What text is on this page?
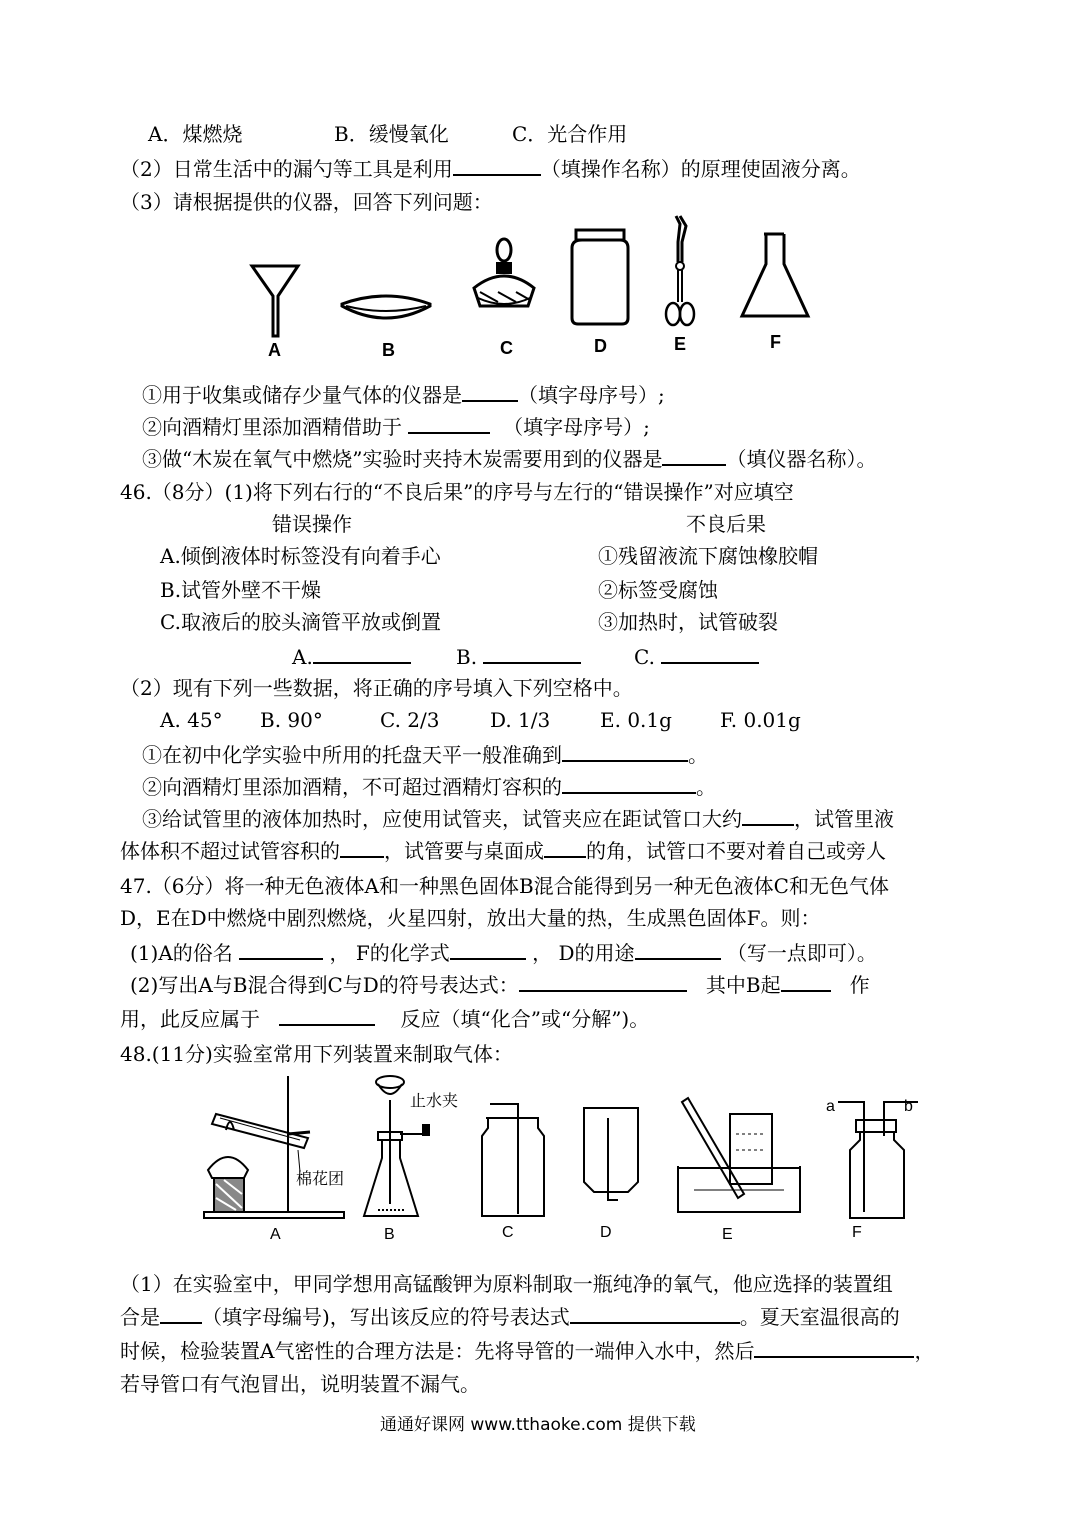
A．煤燃烧	B．缓慢氧化	C．光合作用
（2）日常生活中的漏勺等工具是利用	（填操作名称）的原理使固液分离。
（3）请根据提供的仪器，回答下列问题：
A	B	C	D	E	F
①用于收集或储存少量气体的仪器是	（填字母序号）;
②向酒精灯里添加酒精借助于	（填字母序号）;
③做“木炭在氧气中燃烧”实验时夹持木炭需要用到的仪器是	（填仪器名称）。
46.（8分）(1)将下列右行的“不良后果”的序号与左行的“错误操作”对应填空
错误操作	不良后果
A.倾倒液体时标签没有向着手心	①残留液流下腐蚀橡胶帽
B.试管外壁不干燥	②标签受腐蚀
C.取液后的胶头滴管平放或倒置	③加热时，试管破裂
A.	B.	C.
（2）现有下列一些数据，将正确的序号填入下列空格中。
A. 45° B. 90°	C. 2/3	D. 1/3 E. 0.1g F. 0.01g
①在初中化学实验中所用的托盘天平一般准确到	。
②向酒精灯里添加酒精，不可超过酒精灯容积的	。
③给试管里的液体加热时，应使用试管夹，试管夹应在距试管口大约	，试管里液
体体积不超过试管容积的 ，试管要与桌面成 的角，试管口不要对着自己或旁人
47.（6分）将一种无色液体A和一种黑色固体B混合能得到另一种无色液体C和无色气体
D，E在D中燃烧中剧烈燃烧，火星四射，放出大量的热，生成黑色固体F。则：
(1)A的俗名	， F的化学式	， D的用途	（写一点即可）。
(2)写出A与B混合得到C与D的符号表达式：	其中B起	作
用，此反应属于	反应（填“化合”或“分解”)。
48.(11分)实验室常用下列装置来制取气体：
棉花团
止水夹	a	b
A	B	C	D	E	F
（1）在实验室中，甲同学想用高锰酸钾为原料制取一瓶纯净的氧气，他应选择的装置组
合是 （填字母编号)，写出该反应的符号表达式	。夏天室温很高的
时候，检验装置A气密性的合理方法是：先将导管的一端伸入水中，然后	，
若导管口有气泡冒出，说明装置不漏气。
通通好课网 www.tthaoke.com 提供下载
